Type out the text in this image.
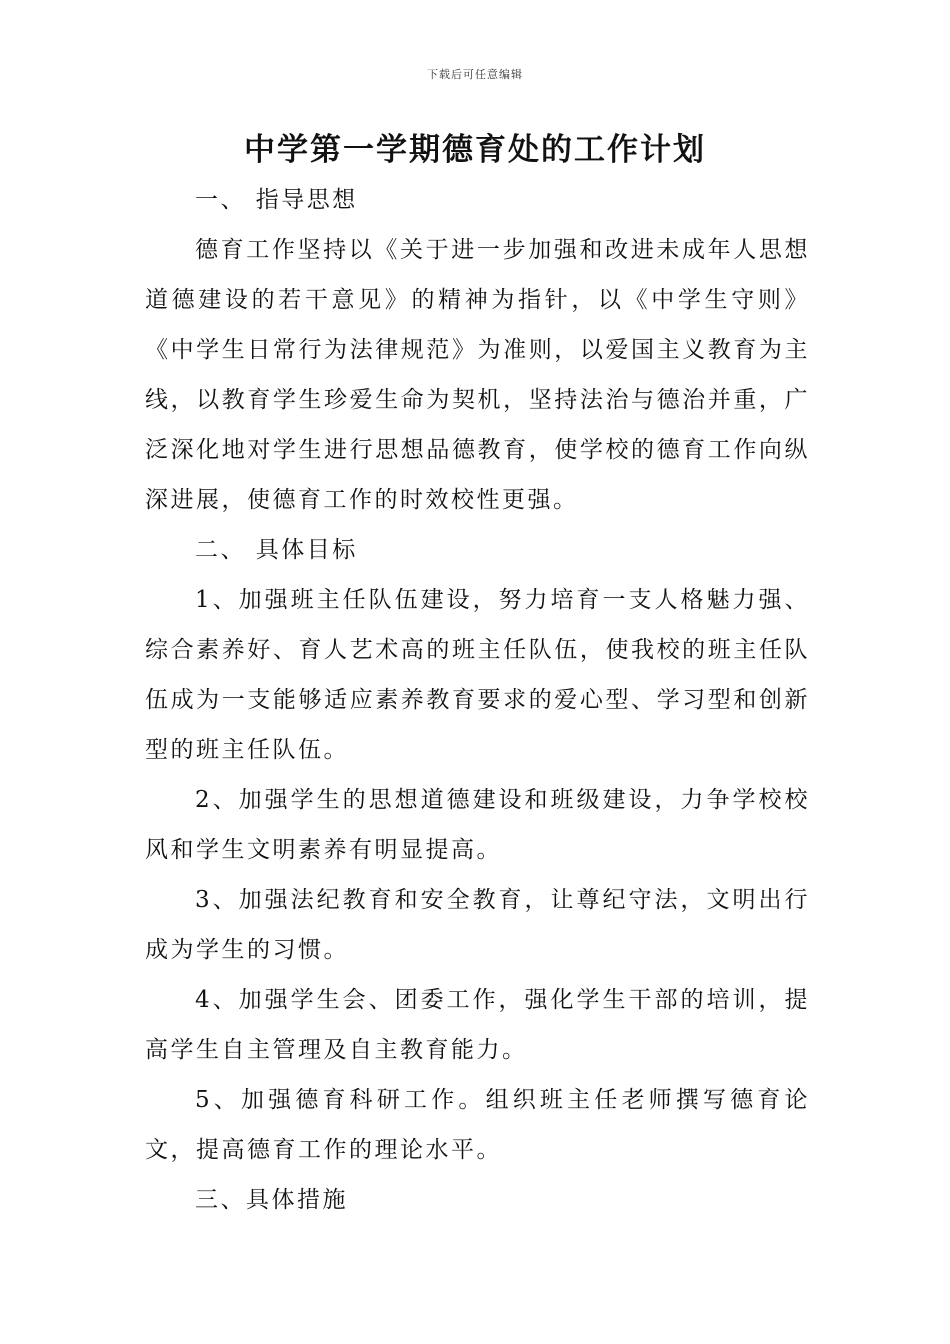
下载后可任意编辑
中学第一学期德育处的工作计划

一、 指导思想

德育工作坚持以《关于进一步加强和改进未成年人思想道德建设的若干意见》的精神为指针，以《中学生守则》《中学生日常行为法律规范》为准则，以爱国主义教育为主线，以教育学生珍爱生命为契机，坚持法治与德治并重，广泛深化地对学生进行思想品德教育，使学校的德育工作向纵深进展，使德育工作的时效校性更强。

二、 具体目标

1、加强班主任队伍建设，努力培育一支人格魅力强、综合素养好、育人艺术高的班主任队伍，使我校的班主任队伍成为一支能够适应素养教育要求的爱心型、学习型和创新型的班主任队伍。

2、加强学生的思想道德建设和班级建设，力争学校校风和学生文明素养有明显提高。

3、加强法纪教育和安全教育，让尊纪守法，文明出行成为学生的习惯。

4、加强学生会、团委工作，强化学生干部的培训，提高学生自主管理及自主教育能力。

5、加强德育科研工作。组织班主任老师撰写德育论文，提高德育工作的理论水平。

三、具体措施
